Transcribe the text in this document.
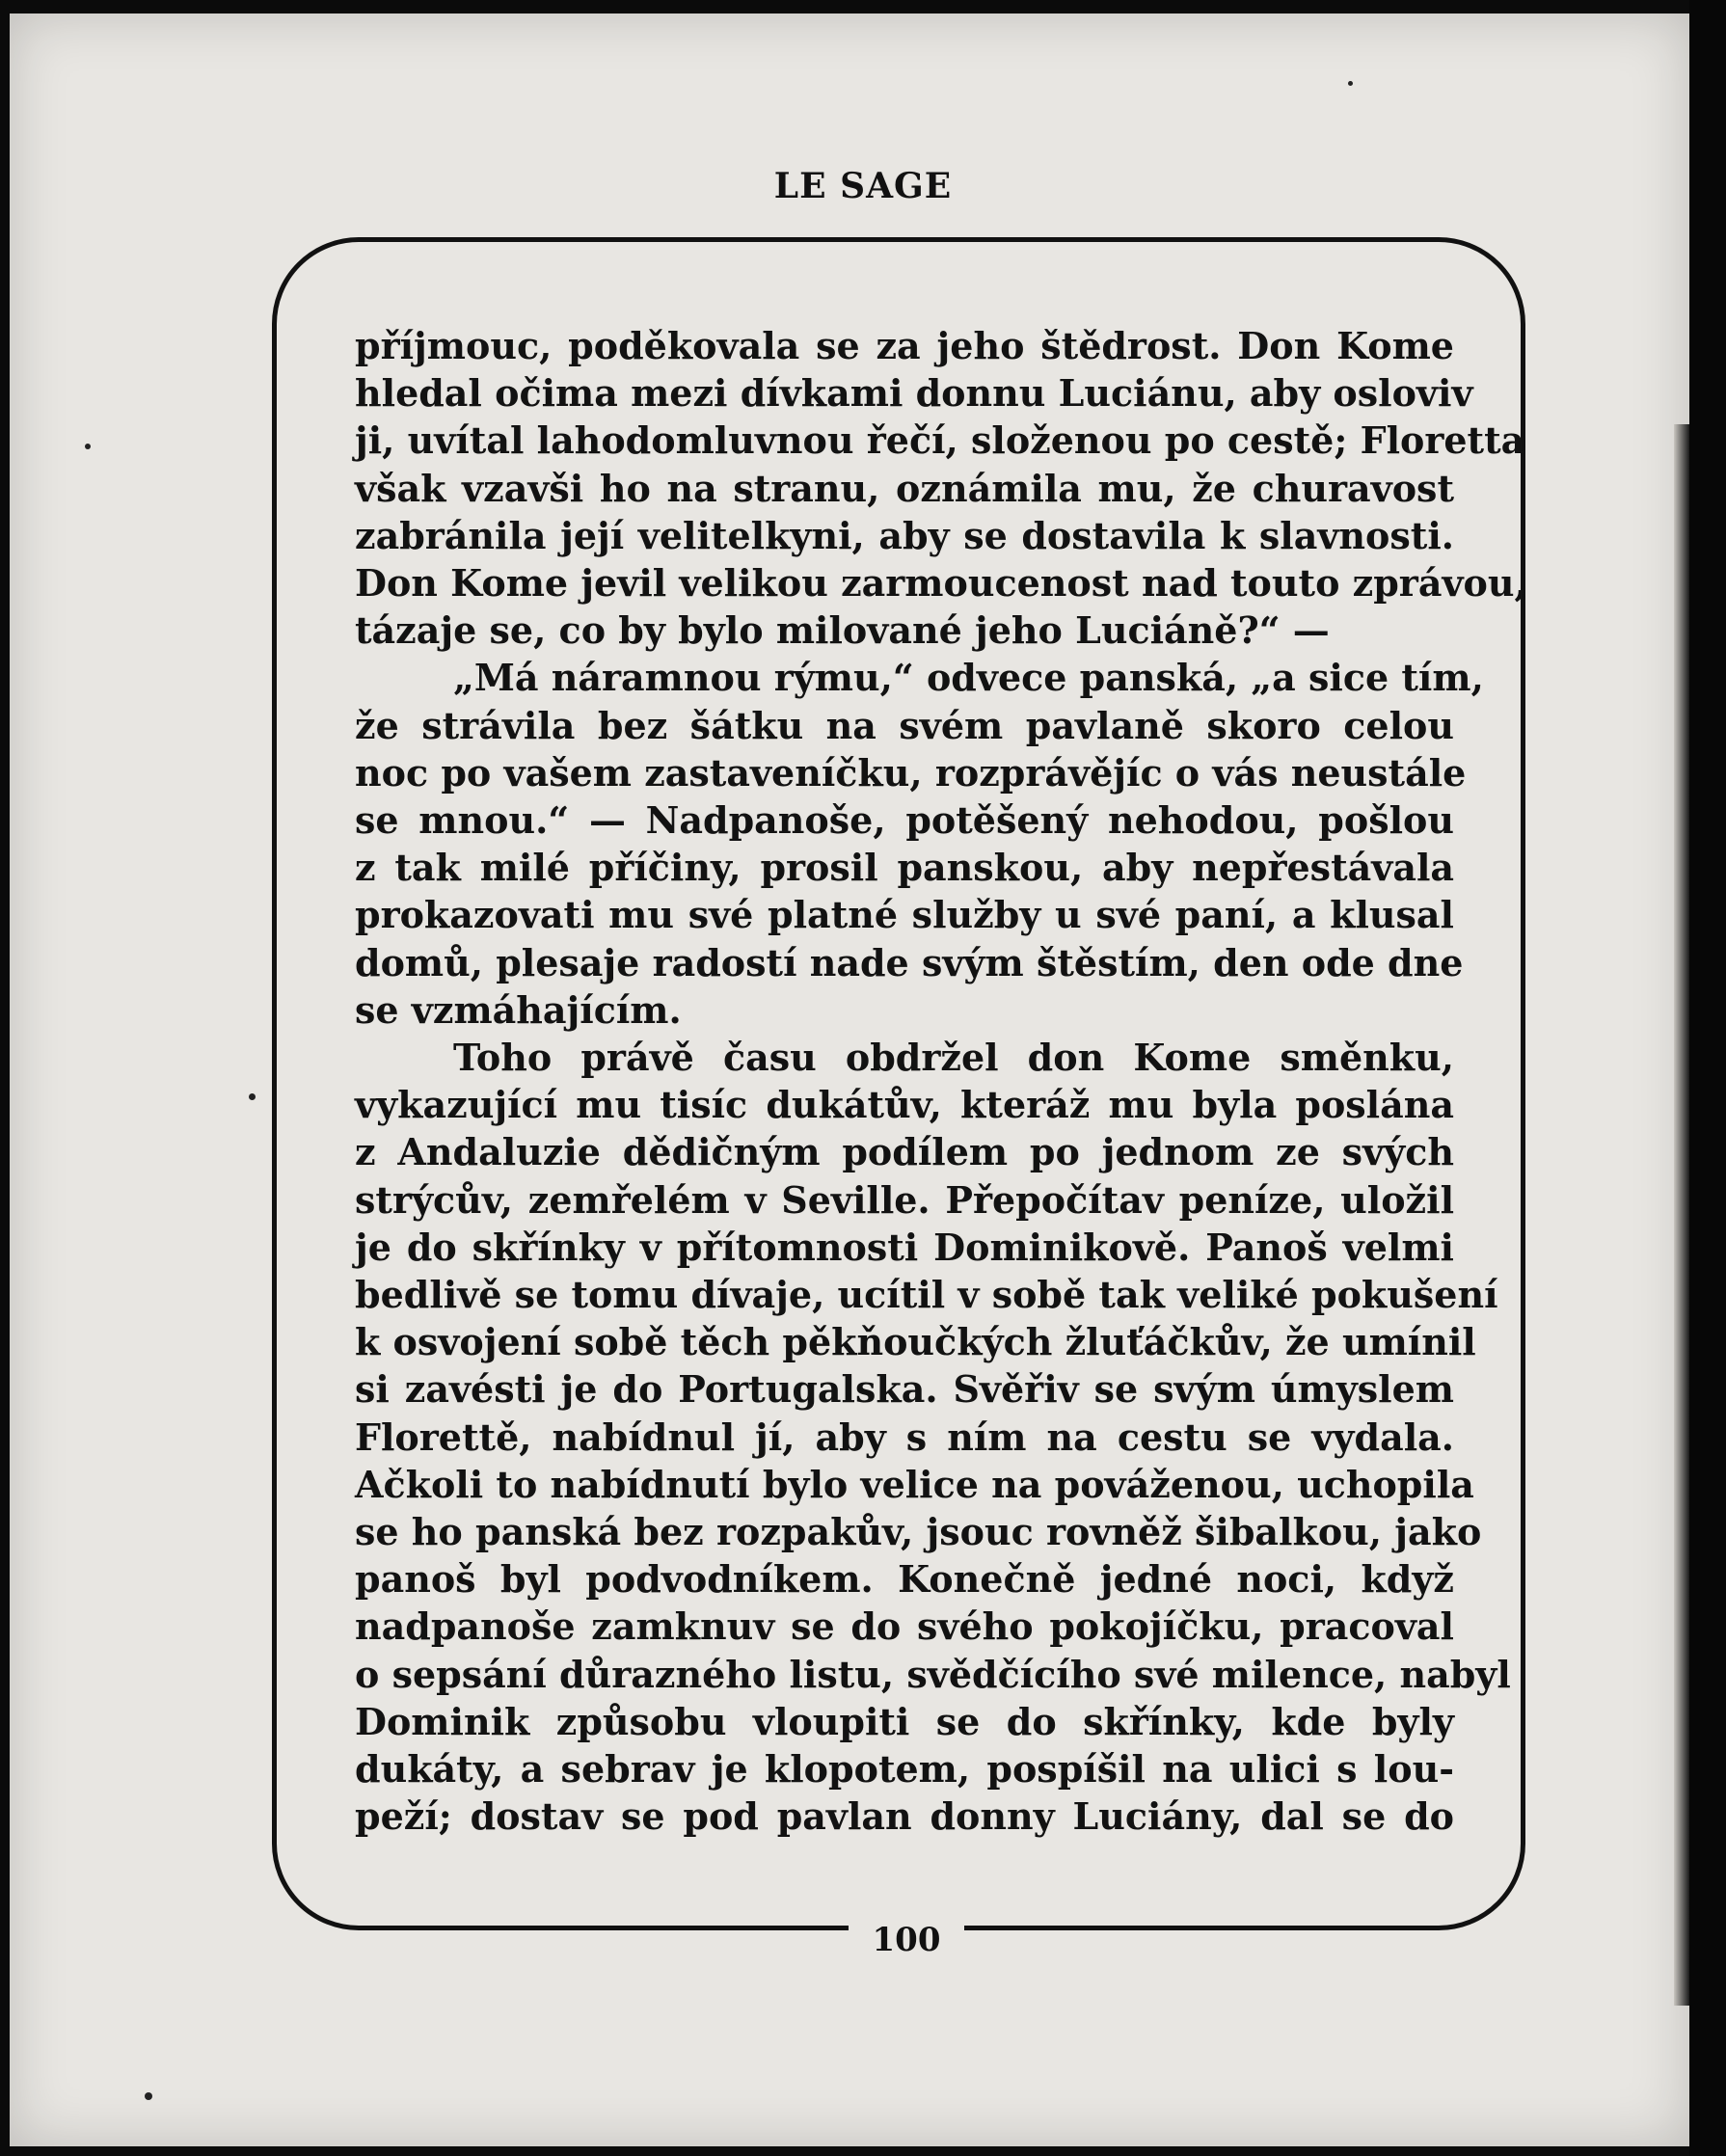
LE SAGE
příjmouc, poděkovala se za jeho štědrost. Don Kome
hledal očima mezi dívkami donnu Luciánu, aby osloviv
ji, uvítal lahodomluvnou řečí, složenou po cestě; Floretta
však vzavši ho na stranu, oznámila mu, že churavost
zabránila její velitelkyni, aby se dostavila k slavnosti.
Don Kome jevil velikou zarmoucenost nad touto zprávou,
tázaje se, co by bylo milované jeho Luciáně?“ —
„Má náramnou rýmu,“ odvece panská, „a sice tím,
že strávila bez šátku na svém pavlaně skoro celou
noc po vašem zastaveníčku, rozprávějíc o vás neustále
se mnou.“ — Nadpanoše, potěšený nehodou, pošlou
z tak milé příčiny, prosil panskou, aby nepřestávala
prokazovati mu své platné služby u své paní, a klusal
domů, plesaje radostí nade svým štěstím, den ode dne
se vzmáhajícím.
Toho právě času obdržel don Kome směnku,
vykazující mu tisíc dukátův, kteráž mu byla poslána
z Andaluzie dědičným podílem po jednom ze svých
strýcův, zemřelém v Seville. Přepočítav peníze, uložil
je do skřínky v přítomnosti Dominikově. Panoš velmi
bedlivě se tomu dívaje, ucítil v sobě tak veliké pokušení
k osvojení sobě těch pěkňoučkých žluťáčkův, že umínil
si zavésti je do Portugalska. Svěřiv se svým úmyslem
Florettě, nabídnul jí, aby s ním na cestu se vydala.
Ačkoli to nabídnutí bylo velice na pováženou, uchopila
se ho panská bez rozpakův, jsouc rovněž šibalkou, jako
panoš byl podvodníkem. Konečně jedné noci, když
nadpanoše zamknuv se do svého pokojíčku, pracoval
o sepsání důrazného listu, svědčícího své milence, nabyl
Dominik způsobu vloupiti se do skřínky, kde byly
dukáty, a sebrav je klopotem, pospíšil na ulici s lou-
peží; dostav se pod pavlan donny Luciány, dal se do
100
